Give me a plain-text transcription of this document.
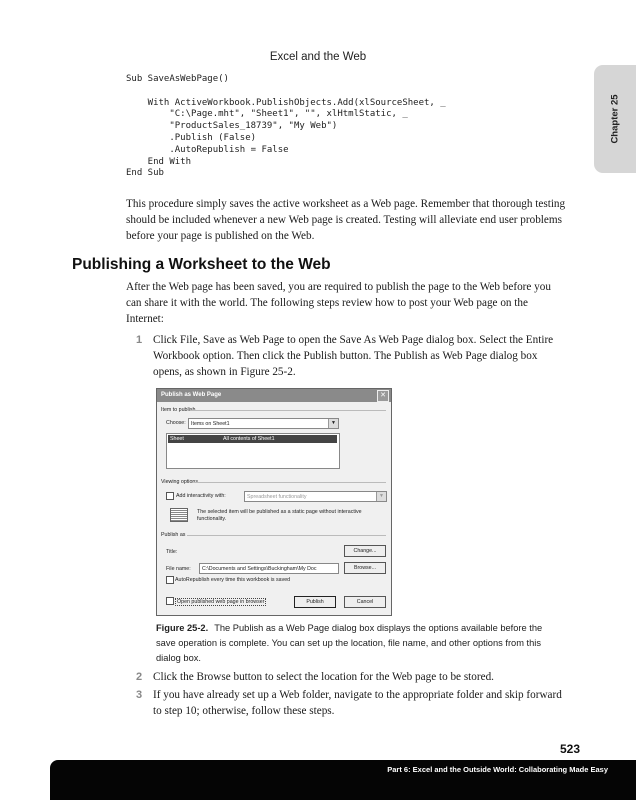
Excel and the Web
Chapter 25
Sub SaveAsWebPage()

With ActiveWorkbook.PublishObjects.Add(xlSourceSheet, _
"C:\Page.mht", "Sheet1", "", xlHtmlStatic, _
"ProductSales_18739", "My Web")
.Publish (False)
.AutoRepublish = False
End With
End Sub
This procedure simply saves the active worksheet as a Web page. Remember that thorough testing should be included whenever a new Web page is created. Testing will alleviate end user problems before your page is published on the Web.
Publishing a Worksheet to the Web
After the Web page has been saved, you are required to publish the page to the Web before you can share it with the world. The following steps review how to post your Web page on the Internet:
1 Click File, Save as Web Page to open the Save As Web Page dialog box. Select the Entire Workbook option. Then click the Publish button. The Publish as Web Page dialog box opens, as shown in Figure 25-2.
Publish as Web Page	✕
Item to publish
Choose: Items on Sheet1	▼
Sheet	All contents of Sheet1
Viewing options
Add interactivity with:	Spreadsheet functionality	▼
The selected item will be published as a static page without interactive functionality.
Publish as
Title:	Change...
File name: C:\Documents and Settings\Buckingham\My Doc	Browse...
AutoRepublish every time this workbook is saved
Open published web page in browser	Publish	Cancel
Figure 25-2. The Publish as a Web Page dialog box displays the options available before the save operation is complete. You can set up the location, file name, and other options from this dialog box.
2 Click the Browse button to select the location for the Web page to be stored.
3 If you have already set up a Web folder, navigate to the appropriate folder and skip forward to step 10; otherwise, follow these steps.
523
Part 6: Excel and the Outside World: Collaborating Made Easy
